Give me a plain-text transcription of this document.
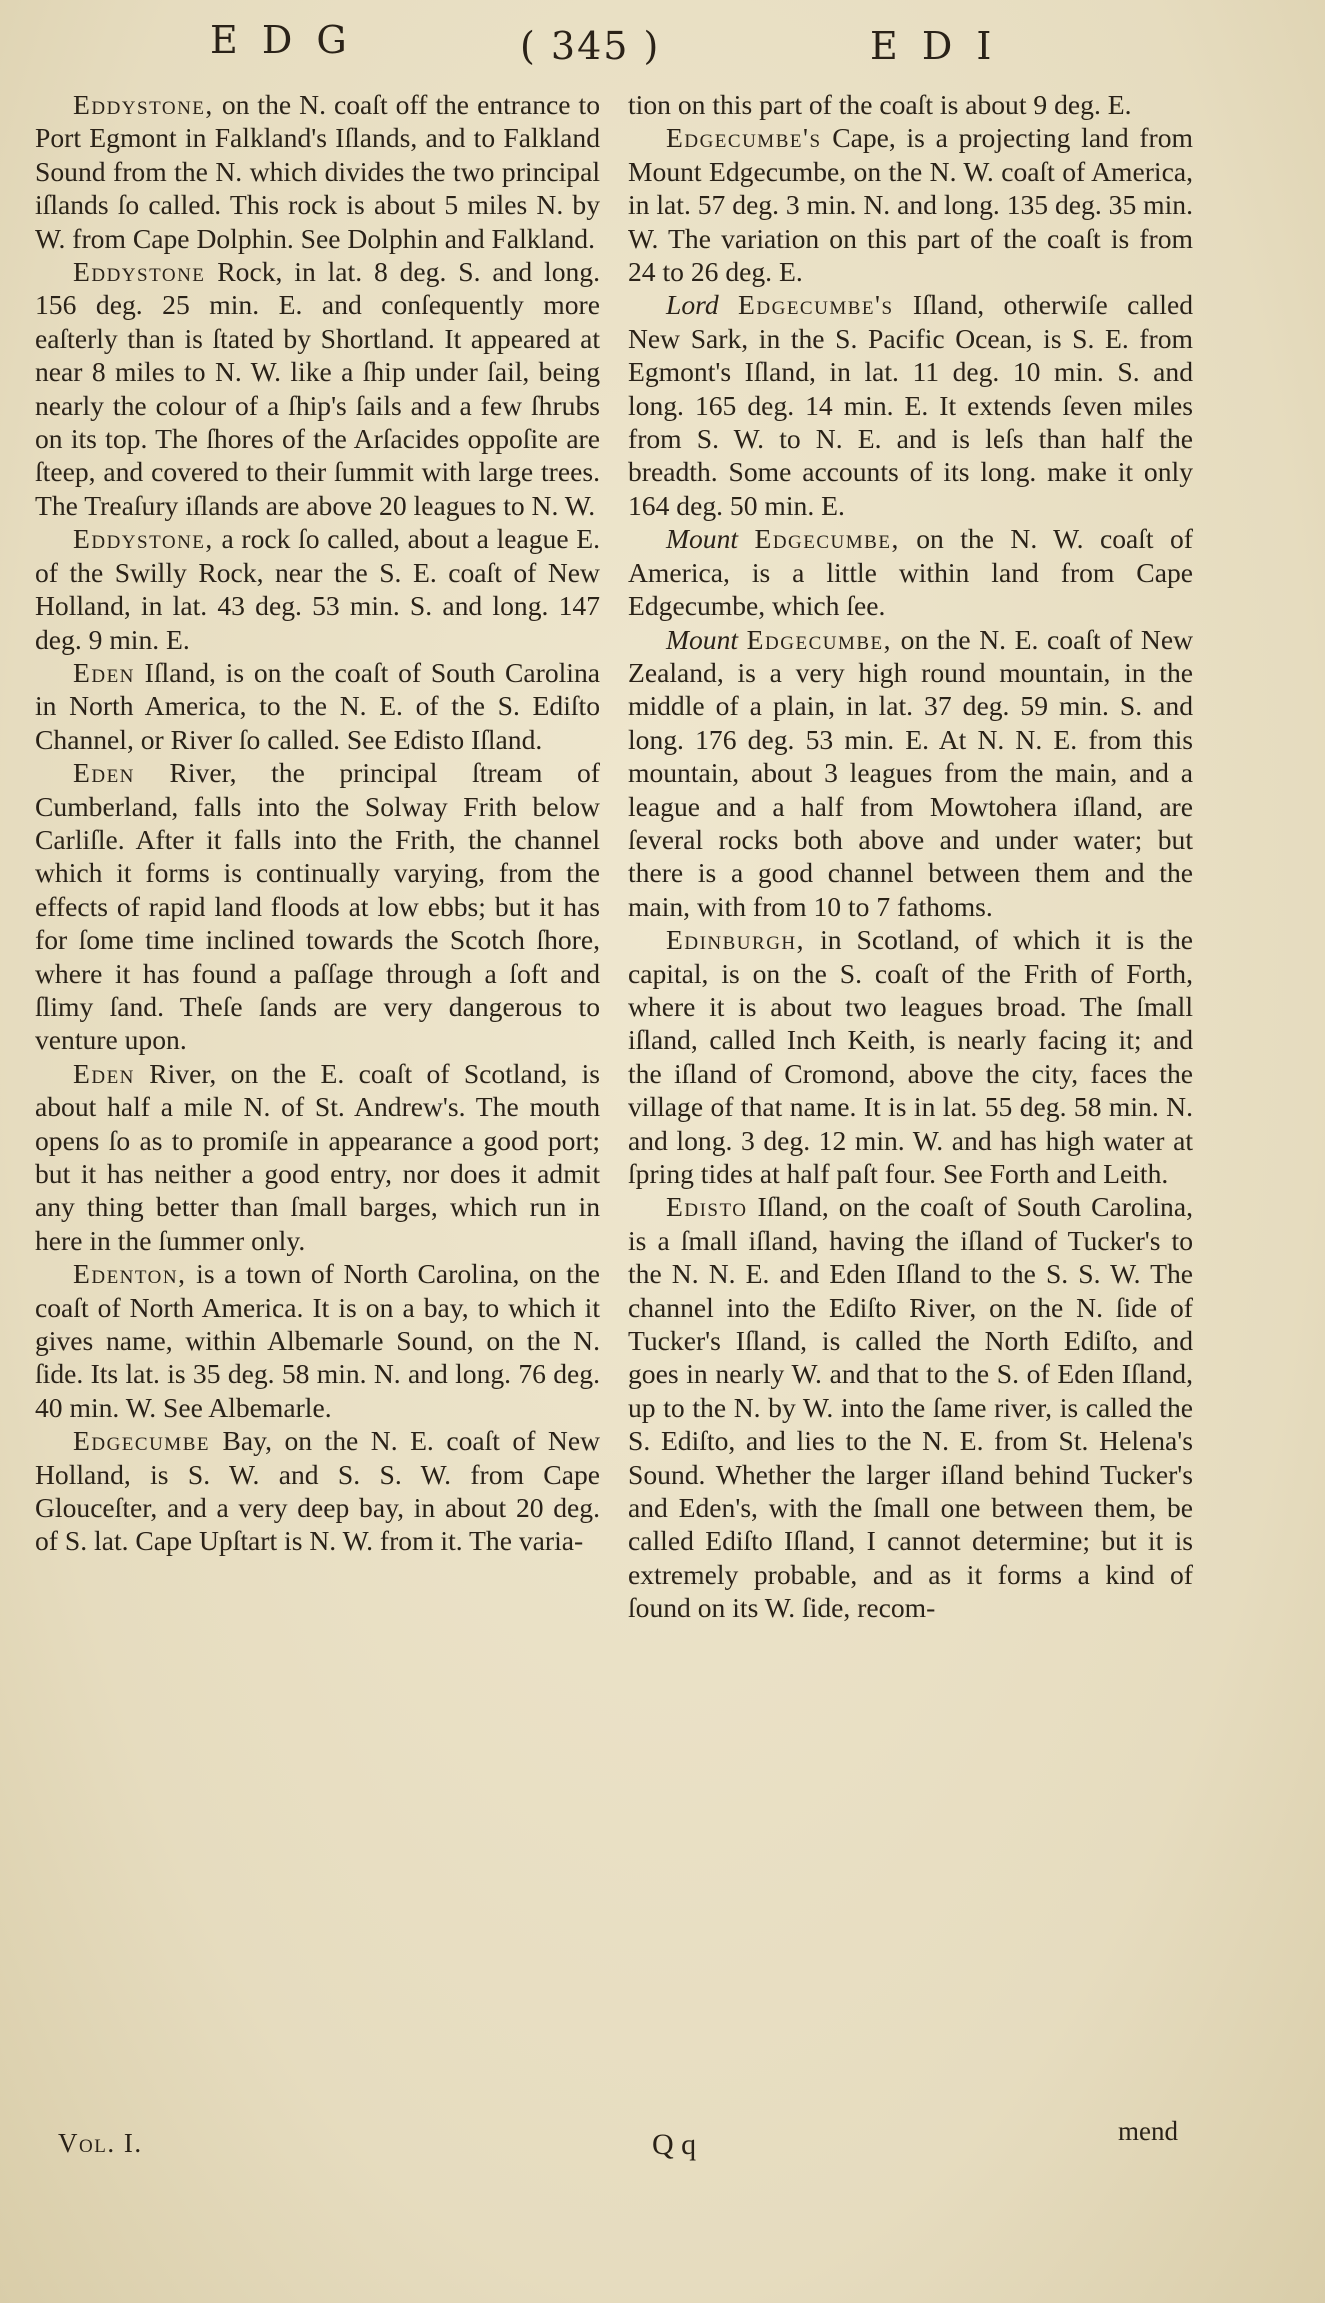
E D G	( 345 )	E D I

Eddystone, on the N. coaſt off the entrance to Port Egmont in Falkland's Iſlands, and to Falkland Sound from the N. which divides the two principal iſlands ſo called. This rock is about 5 miles N. by W. from Cape Dolphin. See Dolphin and Falkland.

Eddystone Rock, in lat. 8 deg. S. and long. 156 deg. 25 min. E. and conſequently more eaſterly than is ſtated by Shortland. It appeared at near 8 miles to N. W. like a ſhip under ſail, being nearly the colour of a ſhip's ſails and a few ſhrubs on its top. The ſhores of the Arſacides oppoſite are ſteep, and covered to their ſummit with large trees. The Treaſury iſlands are above 20 leagues to N. W.

Eddystone, a rock ſo called, about a league E. of the Swilly Rock, near the S. E. coaſt of New Holland, in lat. 43 deg. 53 min. S. and long. 147 deg. 9 min. E.

Eden Iſland, is on the coaſt of South Carolina in North America, to the N. E. of the S. Ediſto Channel, or River ſo called. See Edisto Iſland.

Eden River, the principal ſtream of Cumberland, falls into the Solway Frith below Carliſle. After it falls into the Frith, the channel which it forms is continually varying, from the effects of rapid land floods at low ebbs; but it has for ſome time inclined towards the Scotch ſhore, where it has found a paſſage through a ſoft and ſlimy ſand. Theſe ſands are very dangerous to venture upon.

Eden River, on the E. coaſt of Scotland, is about half a mile N. of St. Andrew's. The mouth opens ſo as to promiſe in appearance a good port; but it has neither a good entry, nor does it admit any thing better than ſmall barges, which run in here in the ſummer only.

Edenton, is a town of North Carolina, on the coaſt of North America. It is on a bay, to which it gives name, within Albemarle Sound, on the N. ſide. Its lat. is 35 deg. 58 min. N. and long. 76 deg. 40 min. W. See Albemarle.

Edgecumbe Bay, on the N. E. coaſt of New Holland, is S. W. and S. S. W. from Cape Glouceſter, and a very deep bay, in about 20 deg. of S. lat. Cape Upſtart is N. W. from it. The varia-

tion on this part of the coaſt is about 9 deg. E.

Edgecumbe's Cape, is a projecting land from Mount Edgecumbe, on the N. W. coaſt of America, in lat. 57 deg. 3 min. N. and long. 135 deg. 35 min. W. The variation on this part of the coaſt is from 24 to 26 deg. E.

Lord Edgecumbe's Iſland, otherwiſe called New Sark, in the S. Pacific Ocean, is S. E. from Egmont's Iſland, in lat. 11 deg. 10 min. S. and long. 165 deg. 14 min. E. It extends ſeven miles from S. W. to N. E. and is leſs than half the breadth. Some accounts of its long. make it only 164 deg. 50 min. E.

Mount Edgecumbe, on the N. W. coaſt of America, is a little within land from Cape Edgecumbe, which ſee.

Mount Edgecumbe, on the N. E. coaſt of New Zealand, is a very high round mountain, in the middle of a plain, in lat. 37 deg. 59 min. S. and long. 176 deg. 53 min. E. At N. N. E. from this mountain, about 3 leagues from the main, and a league and a half from Mowtohera iſland, are ſeveral rocks both above and under water; but there is a good channel between them and the main, with from 10 to 7 fathoms.

Edinburgh, in Scotland, of which it is the capital, is on the S. coaſt of the Frith of Forth, where it is about two leagues broad. The ſmall iſland, called Inch Keith, is nearly facing it; and the iſland of Cromond, above the city, faces the village of that name. It is in lat. 55 deg. 58 min. N. and long. 3 deg. 12 min. W. and has high water at ſpring tides at half paſt four. See Forth and Leith.

Edisto Iſland, on the coaſt of South Carolina, is a ſmall iſland, having the iſland of Tucker's to the N. N. E. and Eden Iſland to the S. S. W. The channel into the Ediſto River, on the N. ſide of Tucker's Iſland, is called the North Ediſto, and goes in nearly W. and that to the S. of Eden Iſland, up to the N. by W. into the ſame river, is called the S. Ediſto, and lies to the N. E. from St. Helena's Sound. Whether the larger iſland behind Tucker's and Eden's, with the ſmall one between them, be called Ediſto Iſland, I cannot determine; but it is extremely probable, and as it forms a kind of ſound on its W. ſide, recom-

Vol. I.	Q q	mend
